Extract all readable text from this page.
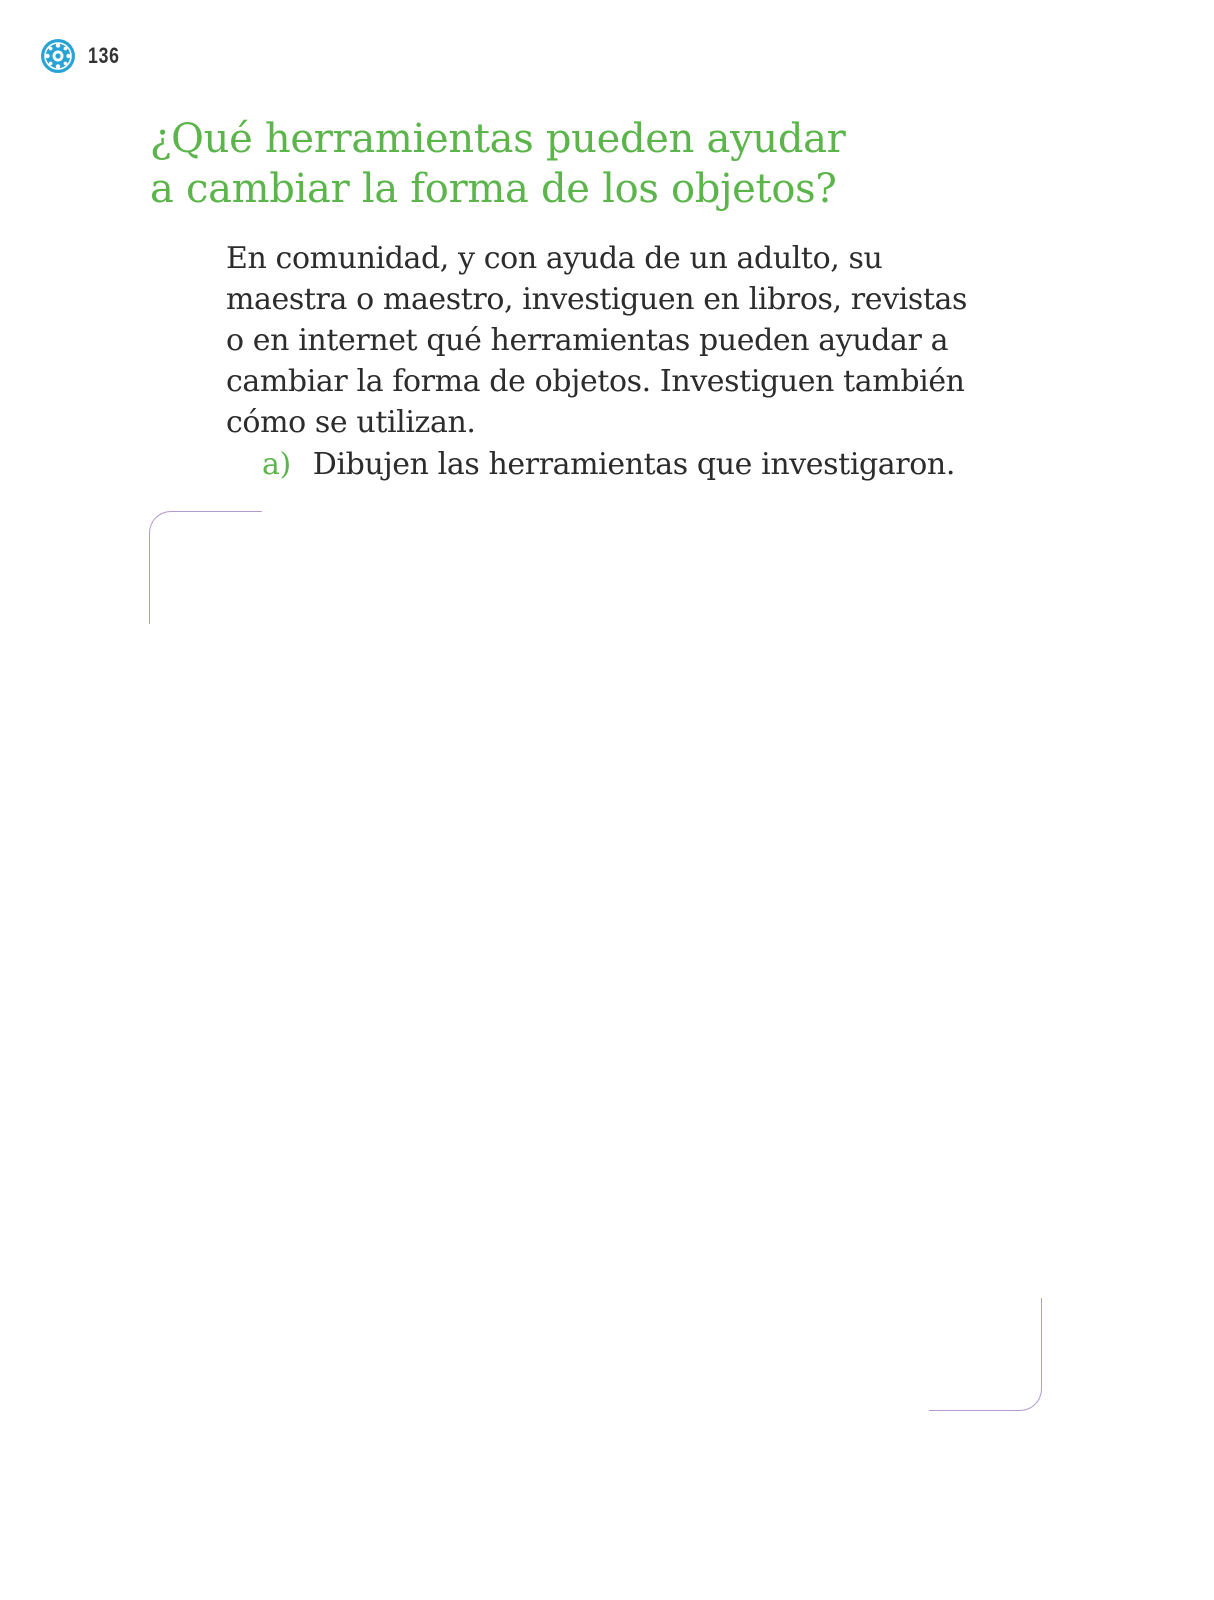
136
¿Qué herramientas pueden ayudar
a cambiar la forma de los objetos?

En comunidad, y con ayuda de un adulto, su
maestra o maestro, investiguen en libros, revistas
o en internet qué herramientas pueden ayudar a
cambiar la forma de objetos. Investiguen también
cómo se utilizan.

a) Dibujen las herramientas que investigaron.
